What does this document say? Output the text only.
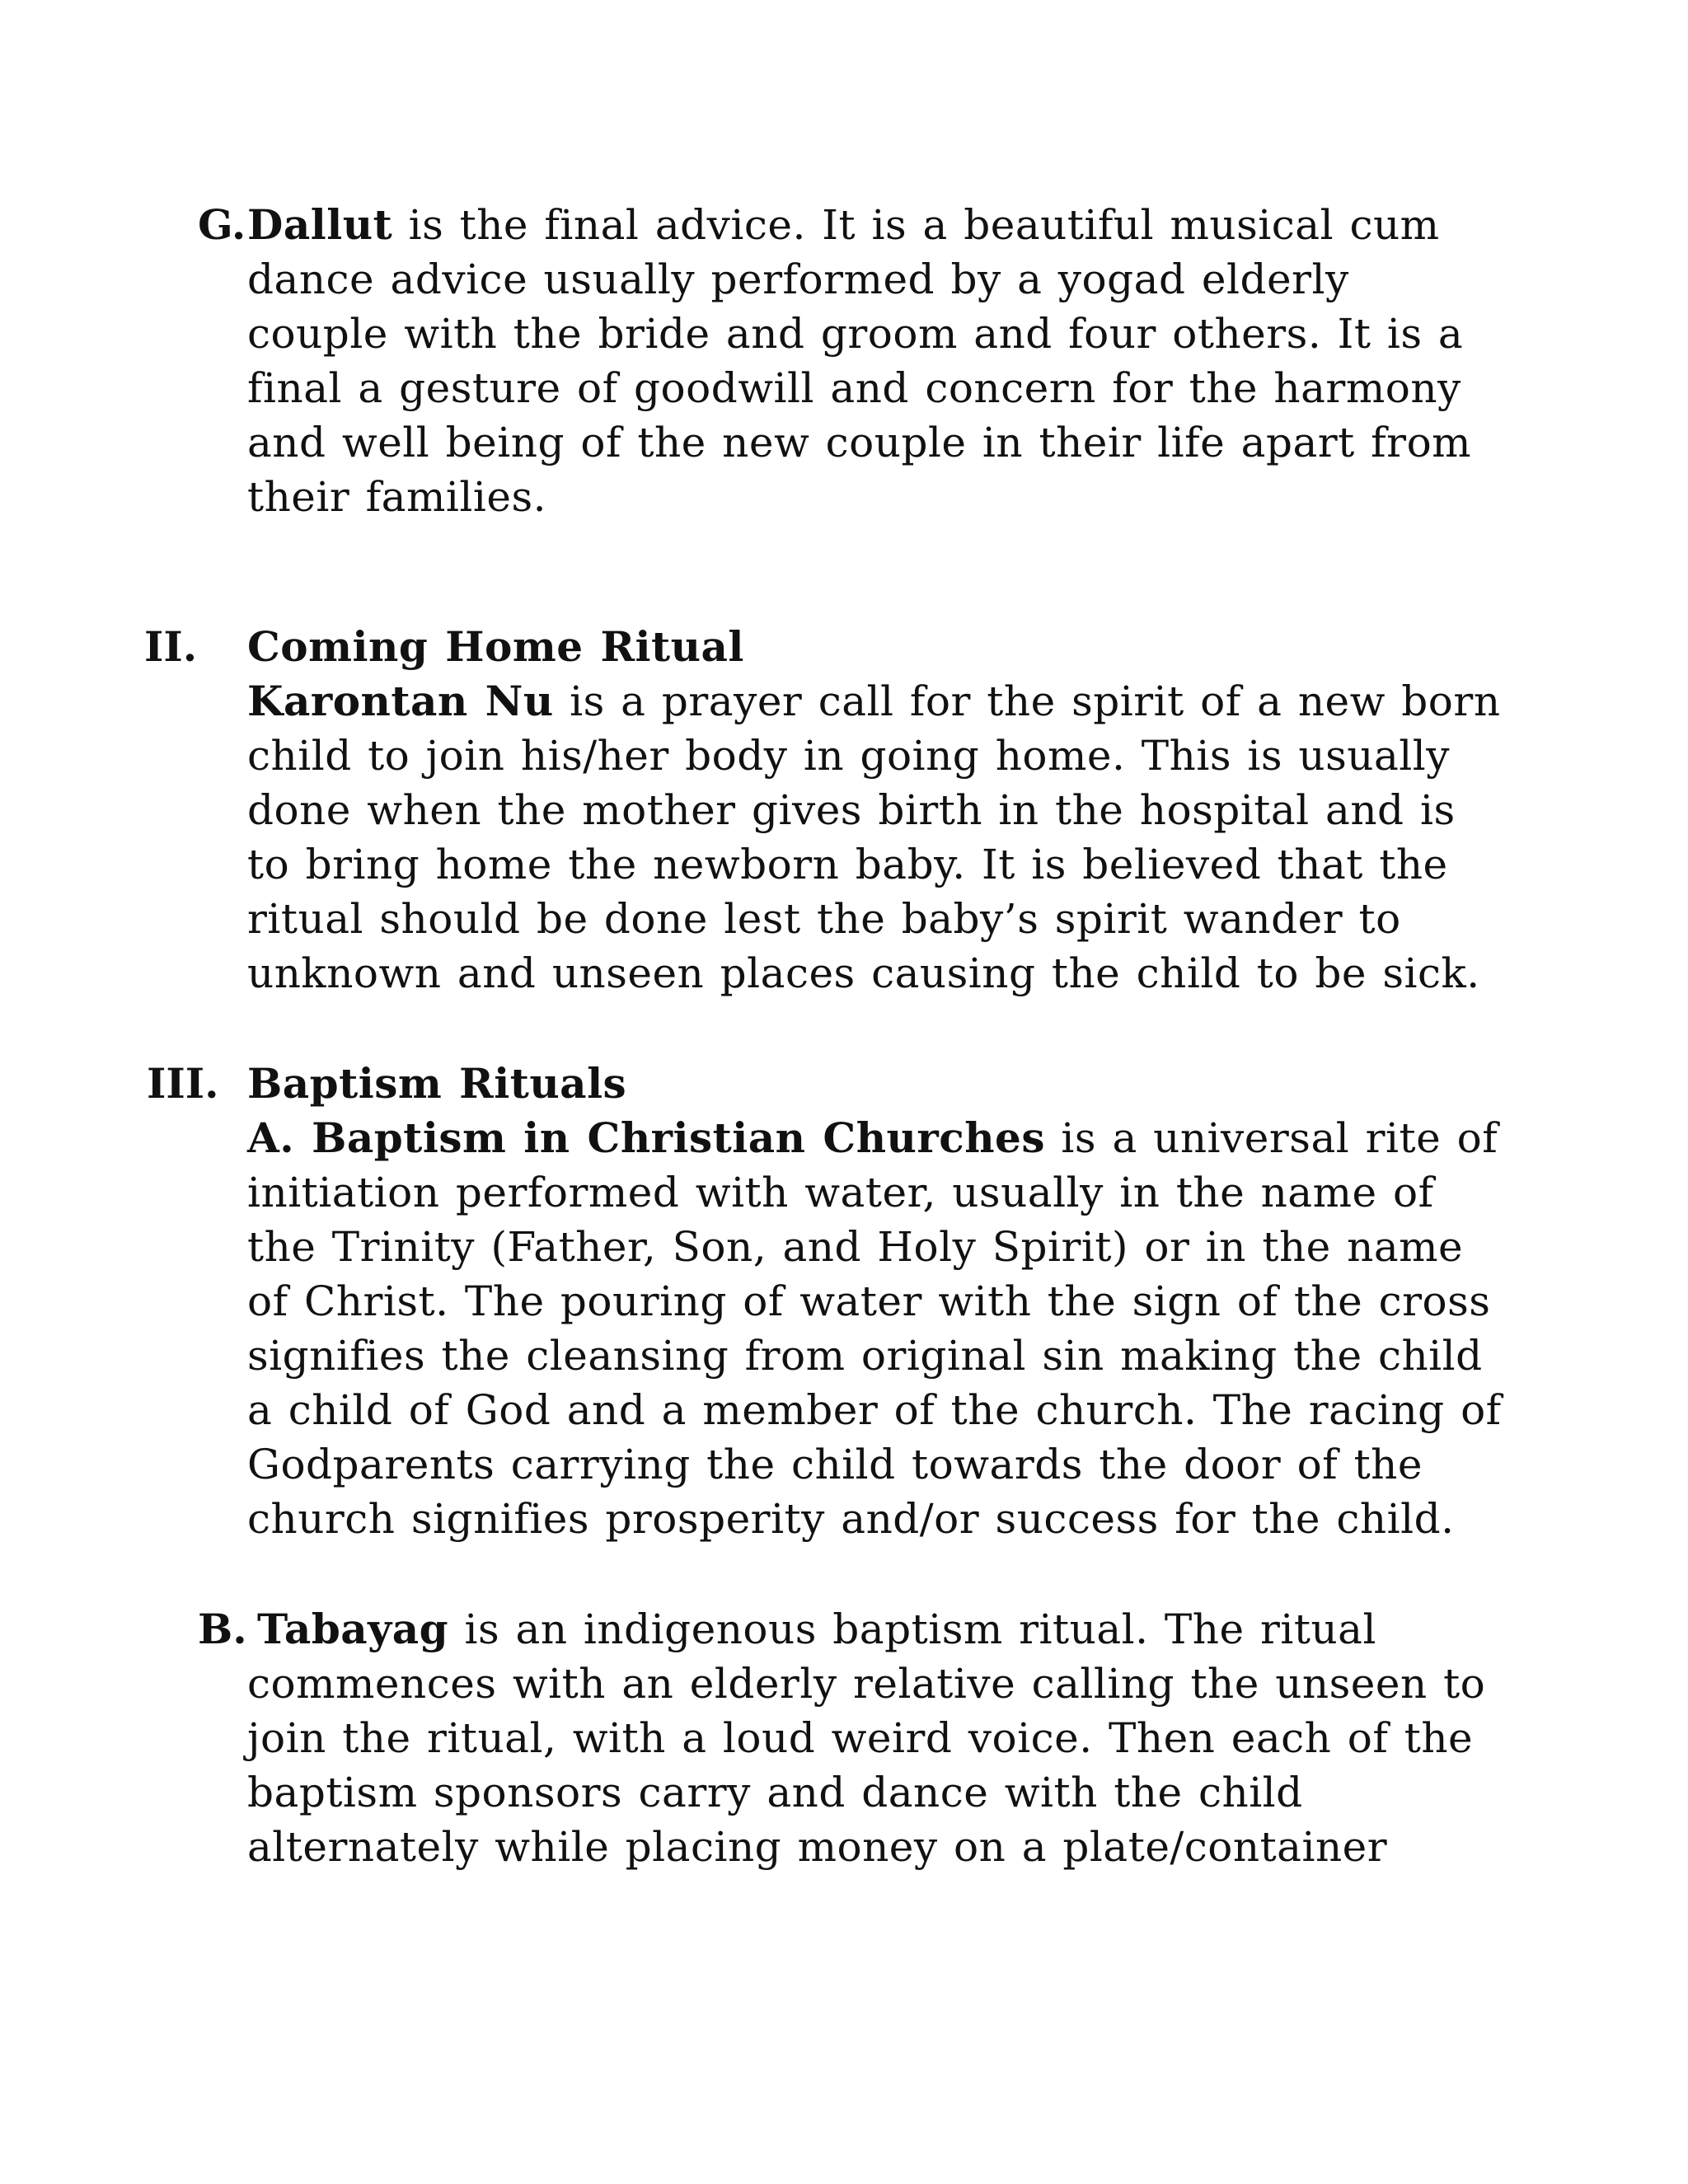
G. Dallut is the final advice. It is a beautiful musical cum
dance advice usually performed by a yogad elderly
couple with the bride and groom and four others. It is a
final a gesture of goodwill and concern for the harmony
and well being of the new couple in their life apart from
their families.
II. Coming Home Ritual
Karontan Nu is a prayer call for the spirit of a new born
child to join his/her body in going home. This is usually
done when the mother gives birth in the hospital and is
to bring home the newborn baby. It is believed that the
ritual should be done lest the baby’s spirit wander to
unknown and unseen places causing the child to be sick.
III. Baptism Rituals
A. Baptism in Christian Churches is a universal rite of
initiation performed with water, usually in the name of
the Trinity (Father, Son, and Holy Spirit) or in the name
of Christ. The pouring of water with the sign of the cross
signifies the cleansing from original sin making the child
a child of God and a member of the church. The racing of
Godparents carrying the child towards the door of the
church signifies prosperity and/or success for the child.
B. Tabayag is an indigenous baptism ritual. The ritual
commences with an elderly relative calling the unseen to
join the ritual, with a loud weird voice. Then each of the
baptism sponsors carry and dance with the child
alternately while placing money on a plate/container
